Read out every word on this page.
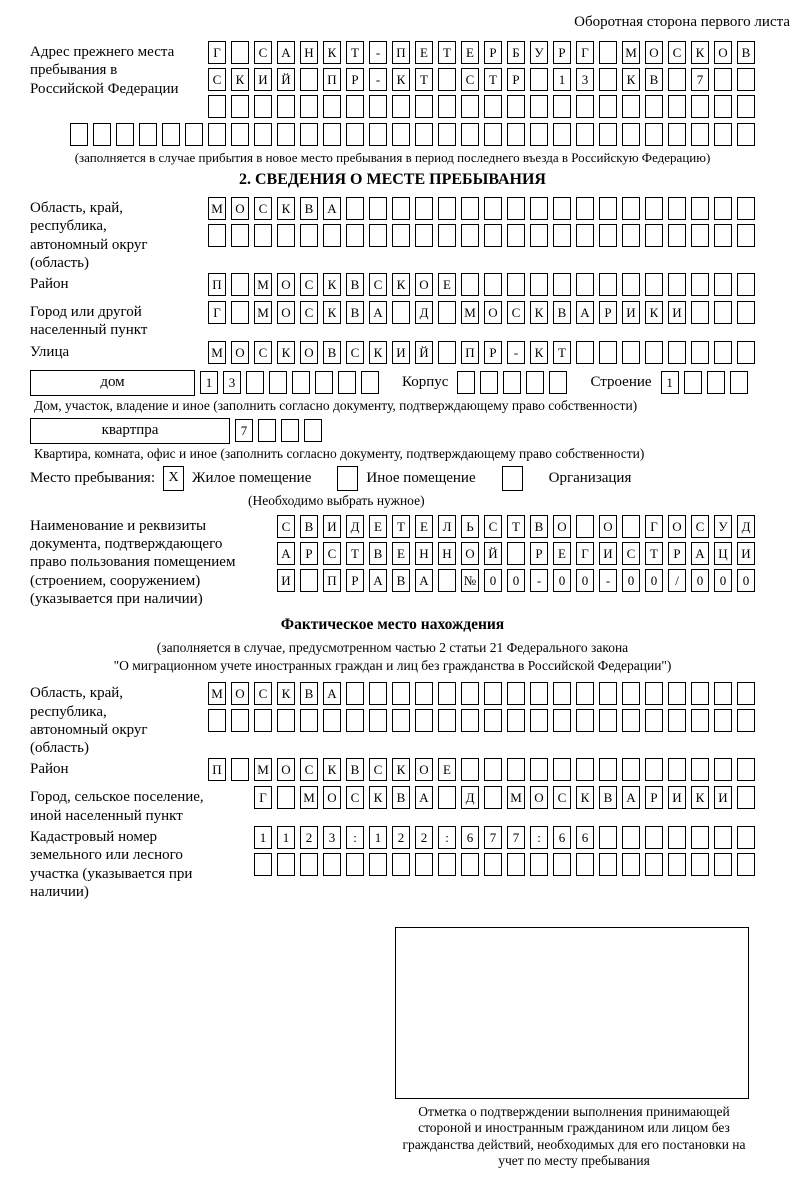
Оборотная сторона первого листа
Адрес прежнего места пребывания в Российской Федерации
Г	С	А	Н	К	Т	-	П	Е	Т	Е	Р	Б	У	Р	Г	М О	С	К	О	В
С	К	И	Й	П	Р	-	К	Т	С	Т	Р	1	3	К	В	7
(заполняется в случае прибытия в новое место пребывания в период последнего въезда в Российскую Федерацию)
2. СВЕДЕНИЯ О МЕСТЕ ПРЕБЫВАНИЯ
Область, край, республика, автономный округ (область)
М О	С	К	В	А
Район	П	М О	С	К	В	С	К	О	Е
Город или другой населенный пункт
Г	М О	С	К	В	А	Д	М О	С	К	В	А	Р	И	К	И
Улица	М О	С	К	О	В	С	К	И	Й	П	Р	-	К	Т
дом	1	3	Корпус	Строение	1
Дом, участок, владение и иное (заполнить согласно документу, подтверждающему право собственности)
квартпра	7
Квартира, комната, офис и иное (заполнить согласно документу, подтверждающему право собственности)
Место пребывания: X Жилое помещение	Иное помещение	Организация
(Необходимо выбрать нужное)
Наименование и реквизиты документа, подтверждающего право пользования помещением (строением, сооружением) (указывается при наличии)
С	В	И	Д	Е	Т	Е	Л	Ь	С	Т	В	О	О	Г	О	С	У	Д
А	Р	С	Т	В	Е	Н	Н	О	Й	Р	Е	Г	И	С	Т	Р	А	Ц	И
И	П	Р	А	В	А	№	0	0	-	0	0	-	0	0	/	0	0	0
Фактическое место нахождения
(заполняется в случае, предусмотренном частью 2 статьи 21 Федерального закона
"О миграционном учете иностранных граждан и лиц без гражданства в Российской Федерации")
Область, край, республика, автономный округ (область)
М О	С	К	В	А
Район	П	М О	С	К	В	С	К	О	Е
Город, сельское поселение, иной населенный пункт
Г	М О	С	К	В	А	Д	М О	С	К	В	А	Р	И	К	И
Кадастровый номер земельного или лесного участка (указывается при наличии)
1	1	2	3	:	1	2	2	:	6	7	7	:	6	6
Отметка о подтверждении выполнения принимающей стороной и иностранным гражданином или лицом без гражданства действий, необходимых для его постановки на учет по месту пребывания
